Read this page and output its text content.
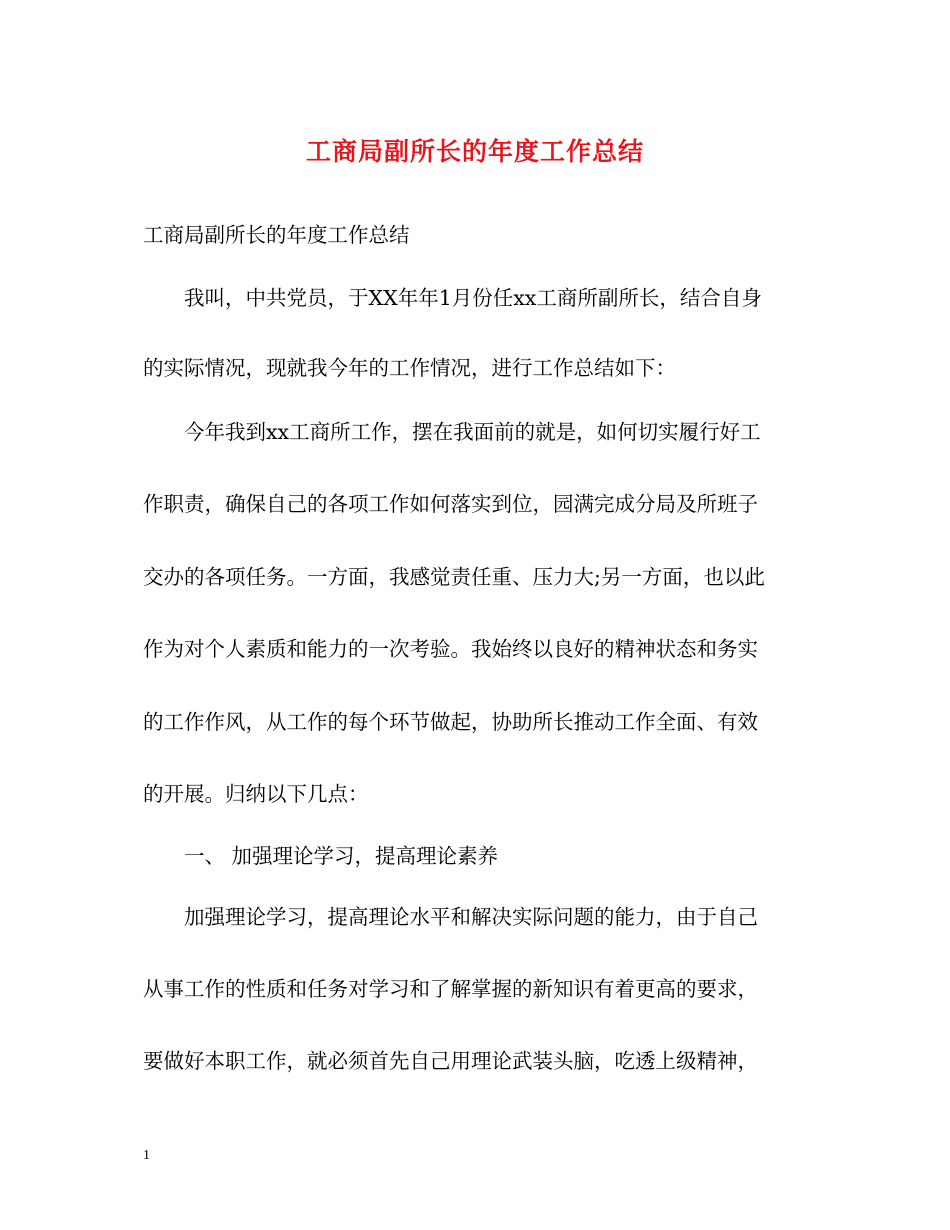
工商局副所长的年度工作总结
工商局副所长的年度工作总结
我叫，中共党员，于XX年年1月份任xx工商所副所长，结合自身
的实际情况，现就我今年的工作情况，进行工作总结如下：
今年我到xx工商所工作，摆在我面前的就是，如何切实履行好工
作职责，确保自己的各项工作如何落实到位，园满完成分局及所班子
交办的各项任务。一方面，我感觉责任重、压力大;另一方面，也以此
作为对个人素质和能力的一次考验。我始终以良好的精神状态和务实
的工作作风，从工作的每个环节做起，协助所长推动工作全面、有效
的开展。归纳以下几点：
一、 加强理论学习，提高理论素养
加强理论学习，提高理论水平和解决实际问题的能力，由于自己
从事工作的性质和任务对学习和了解掌握的新知识有着更高的要求，
要做好本职工作，就必须首先自己用理论武装头脑，吃透上级精神，
1
